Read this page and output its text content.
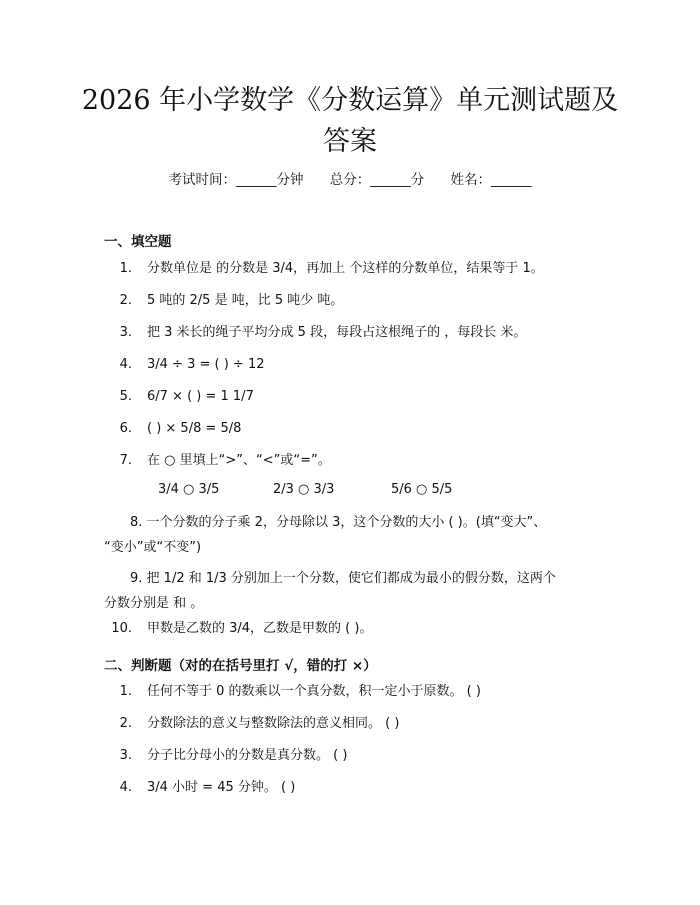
2026 年小学数学《分数运算》单元测试题及
答案
考试时间：______分钟 总分：______分 姓名：______
一、填空题
1. 分数单位是 的分数是 3/4，再加上 个这样的分数单位，结果等于 1。
2. 5 吨的 2/5 是 吨，比 5 吨少 吨。
3. 把 3 米长的绳子平均分成 5 段，每段占这根绳子的 ，每段长 米。
4. 3/4 ÷ 3 = ( ) ÷ 12
5. 6/7 × ( ) = 1 1/7
6. ( ) × 5/8 = 5/8
7. 在 ○ 里填上“>”、“<”或“=”。
3/4 ○ 3/5	2/3 ○ 3/3	5/6 ○ 5/5
8. 一个分数的分子乘 2，分母除以 3，这个分数的大小 ( )。(填“变大”、
“变小”或“不变”)
9. 把 1/2 和 1/3 分别加上一个分数，使它们都成为最小的假分数，这两个
分数分别是 和 。
10. 甲数是乙数的 3/4，乙数是甲数的 ( )。
二、判断题（对的在括号里打 √，错的打 ×）
1. 任何不等于 0 的数乘以一个真分数，积一定小于原数。 ( )
2. 分数除法的意义与整数除法的意义相同。 ( )
3. 分子比分母小的分数是真分数。 ( )
4. 3/4 小时 = 45 分钟。 ( )
